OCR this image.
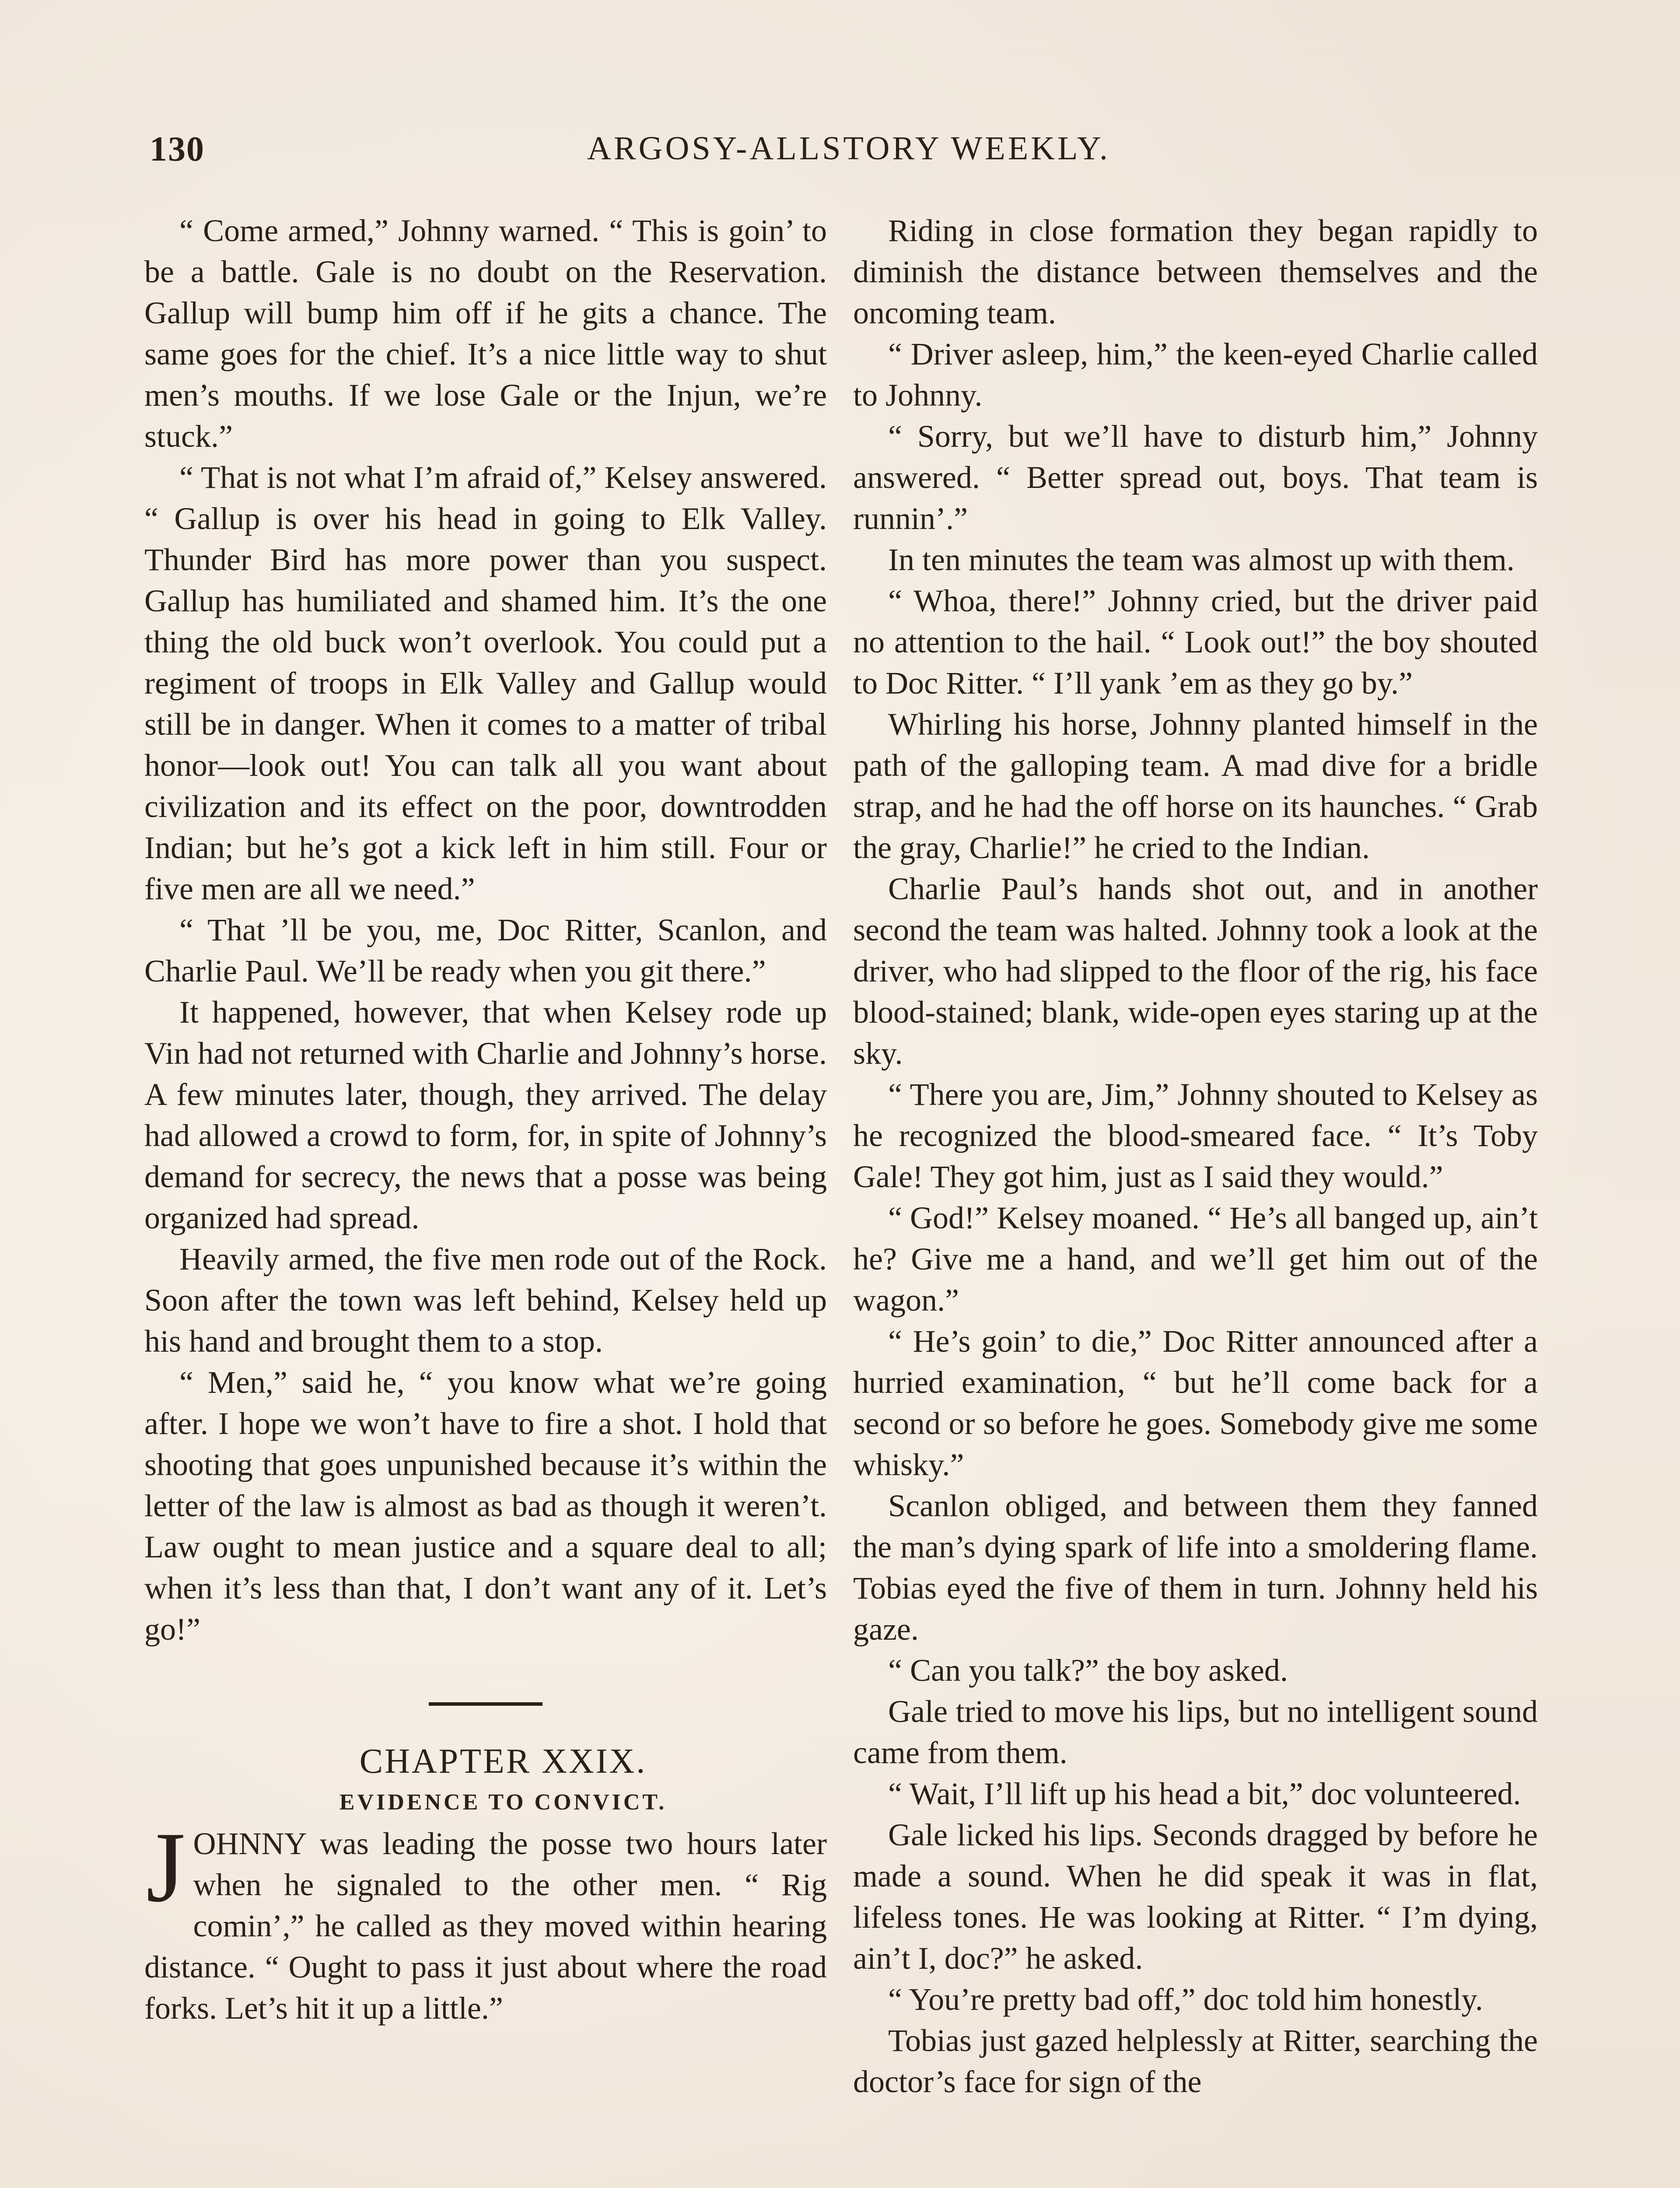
130	ARGOSY-ALLSTORY WEEKLY.

“ Come armed,” Johnny warned. “ This is goin’ to be a battle. Gale is no doubt on the Reservation. Gallup will bump him off if he gits a chance. The same goes for the chief. It’s a nice little way to shut men’s mouths. If we lose Gale or the Injun, we’re stuck.”

“ That is not what I’m afraid of,” Kelsey answered. “ Gallup is over his head in going to Elk Valley. Thunder Bird has more power than you suspect. Gallup has humiliated and shamed him. It’s the one thing the old buck won’t overlook. You could put a regiment of troops in Elk Valley and Gallup would still be in danger. When it comes to a matter of tribal honor—look out! You can talk all you want about civilization and its effect on the poor, downtrodden Indian; but he’s got a kick left in him still. Four or five men are all we need.”

“ That ’ll be you, me, Doc Ritter, Scanlon, and Charlie Paul. We’ll be ready when you git there.”

It happened, however, that when Kelsey rode up Vin had not returned with Charlie and Johnny’s horse. A few minutes later, though, they arrived. The delay had allowed a crowd to form, for, in spite of Johnny’s demand for secrecy, the news that a posse was being organized had spread.

Heavily armed, the five men rode out of the Rock. Soon after the town was left behind, Kelsey held up his hand and brought them to a stop.

“ Men,” said he, “ you know what we’re going after. I hope we won’t have to fire a shot. I hold that shooting that goes unpunished because it’s within the letter of the law is almost as bad as though it weren’t. Law ought to mean justice and a square deal to all; when it’s less than that, I don’t want any of it. Let’s go!”

CHAPTER XXIX.

EVIDENCE TO CONVICT.

JOHNNY was leading the posse two hours later when he signaled to the other men. “ Rig comin’,” he called as they moved within hearing distance. “ Ought to pass it just about where the road forks. Let’s hit it up a little.”

Riding in close formation they began rapidly to diminish the distance between themselves and the oncoming team.

“ Driver asleep, him,” the keen-eyed Charlie called to Johnny.

“ Sorry, but we’ll have to disturb him,” Johnny answered. “ Better spread out, boys. That team is runnin’.”

In ten minutes the team was almost up with them.

“ Whoa, there!” Johnny cried, but the driver paid no attention to the hail. “ Look out!” the boy shouted to Doc Ritter. “ I’ll yank ’em as they go by.”

Whirling his horse, Johnny planted himself in the path of the galloping team. A mad dive for a bridle strap, and he had the off horse on its haunches. “ Grab the gray, Charlie!” he cried to the Indian.

Charlie Paul’s hands shot out, and in another second the team was halted. Johnny took a look at the driver, who had slipped to the floor of the rig, his face blood-stained; blank, wide-open eyes staring up at the sky.

“ There you are, Jim,” Johnny shouted to Kelsey as he recognized the blood-smeared face. “ It’s Toby Gale! They got him, just as I said they would.”

“ God!” Kelsey moaned. “ He’s all banged up, ain’t he? Give me a hand, and we’ll get him out of the wagon.”

“ He’s goin’ to die,” Doc Ritter announced after a hurried examination, “ but he’ll come back for a second or so before he goes. Somebody give me some whisky.”

Scanlon obliged, and between them they fanned the man’s dying spark of life into a smoldering flame. Tobias eyed the five of them in turn. Johnny held his gaze.

“ Can you talk?” the boy asked.

Gale tried to move his lips, but no intelligent sound came from them.

“ Wait, I’ll lift up his head a bit,” doc volunteered.

Gale licked his lips. Seconds dragged by before he made a sound. When he did speak it was in flat, lifeless tones. He was looking at Ritter. “ I’m dying, ain’t I, doc?” he asked.

“ You’re pretty bad off,” doc told him honestly.

Tobias just gazed helplessly at Ritter, searching the doctor’s face for sign of the
